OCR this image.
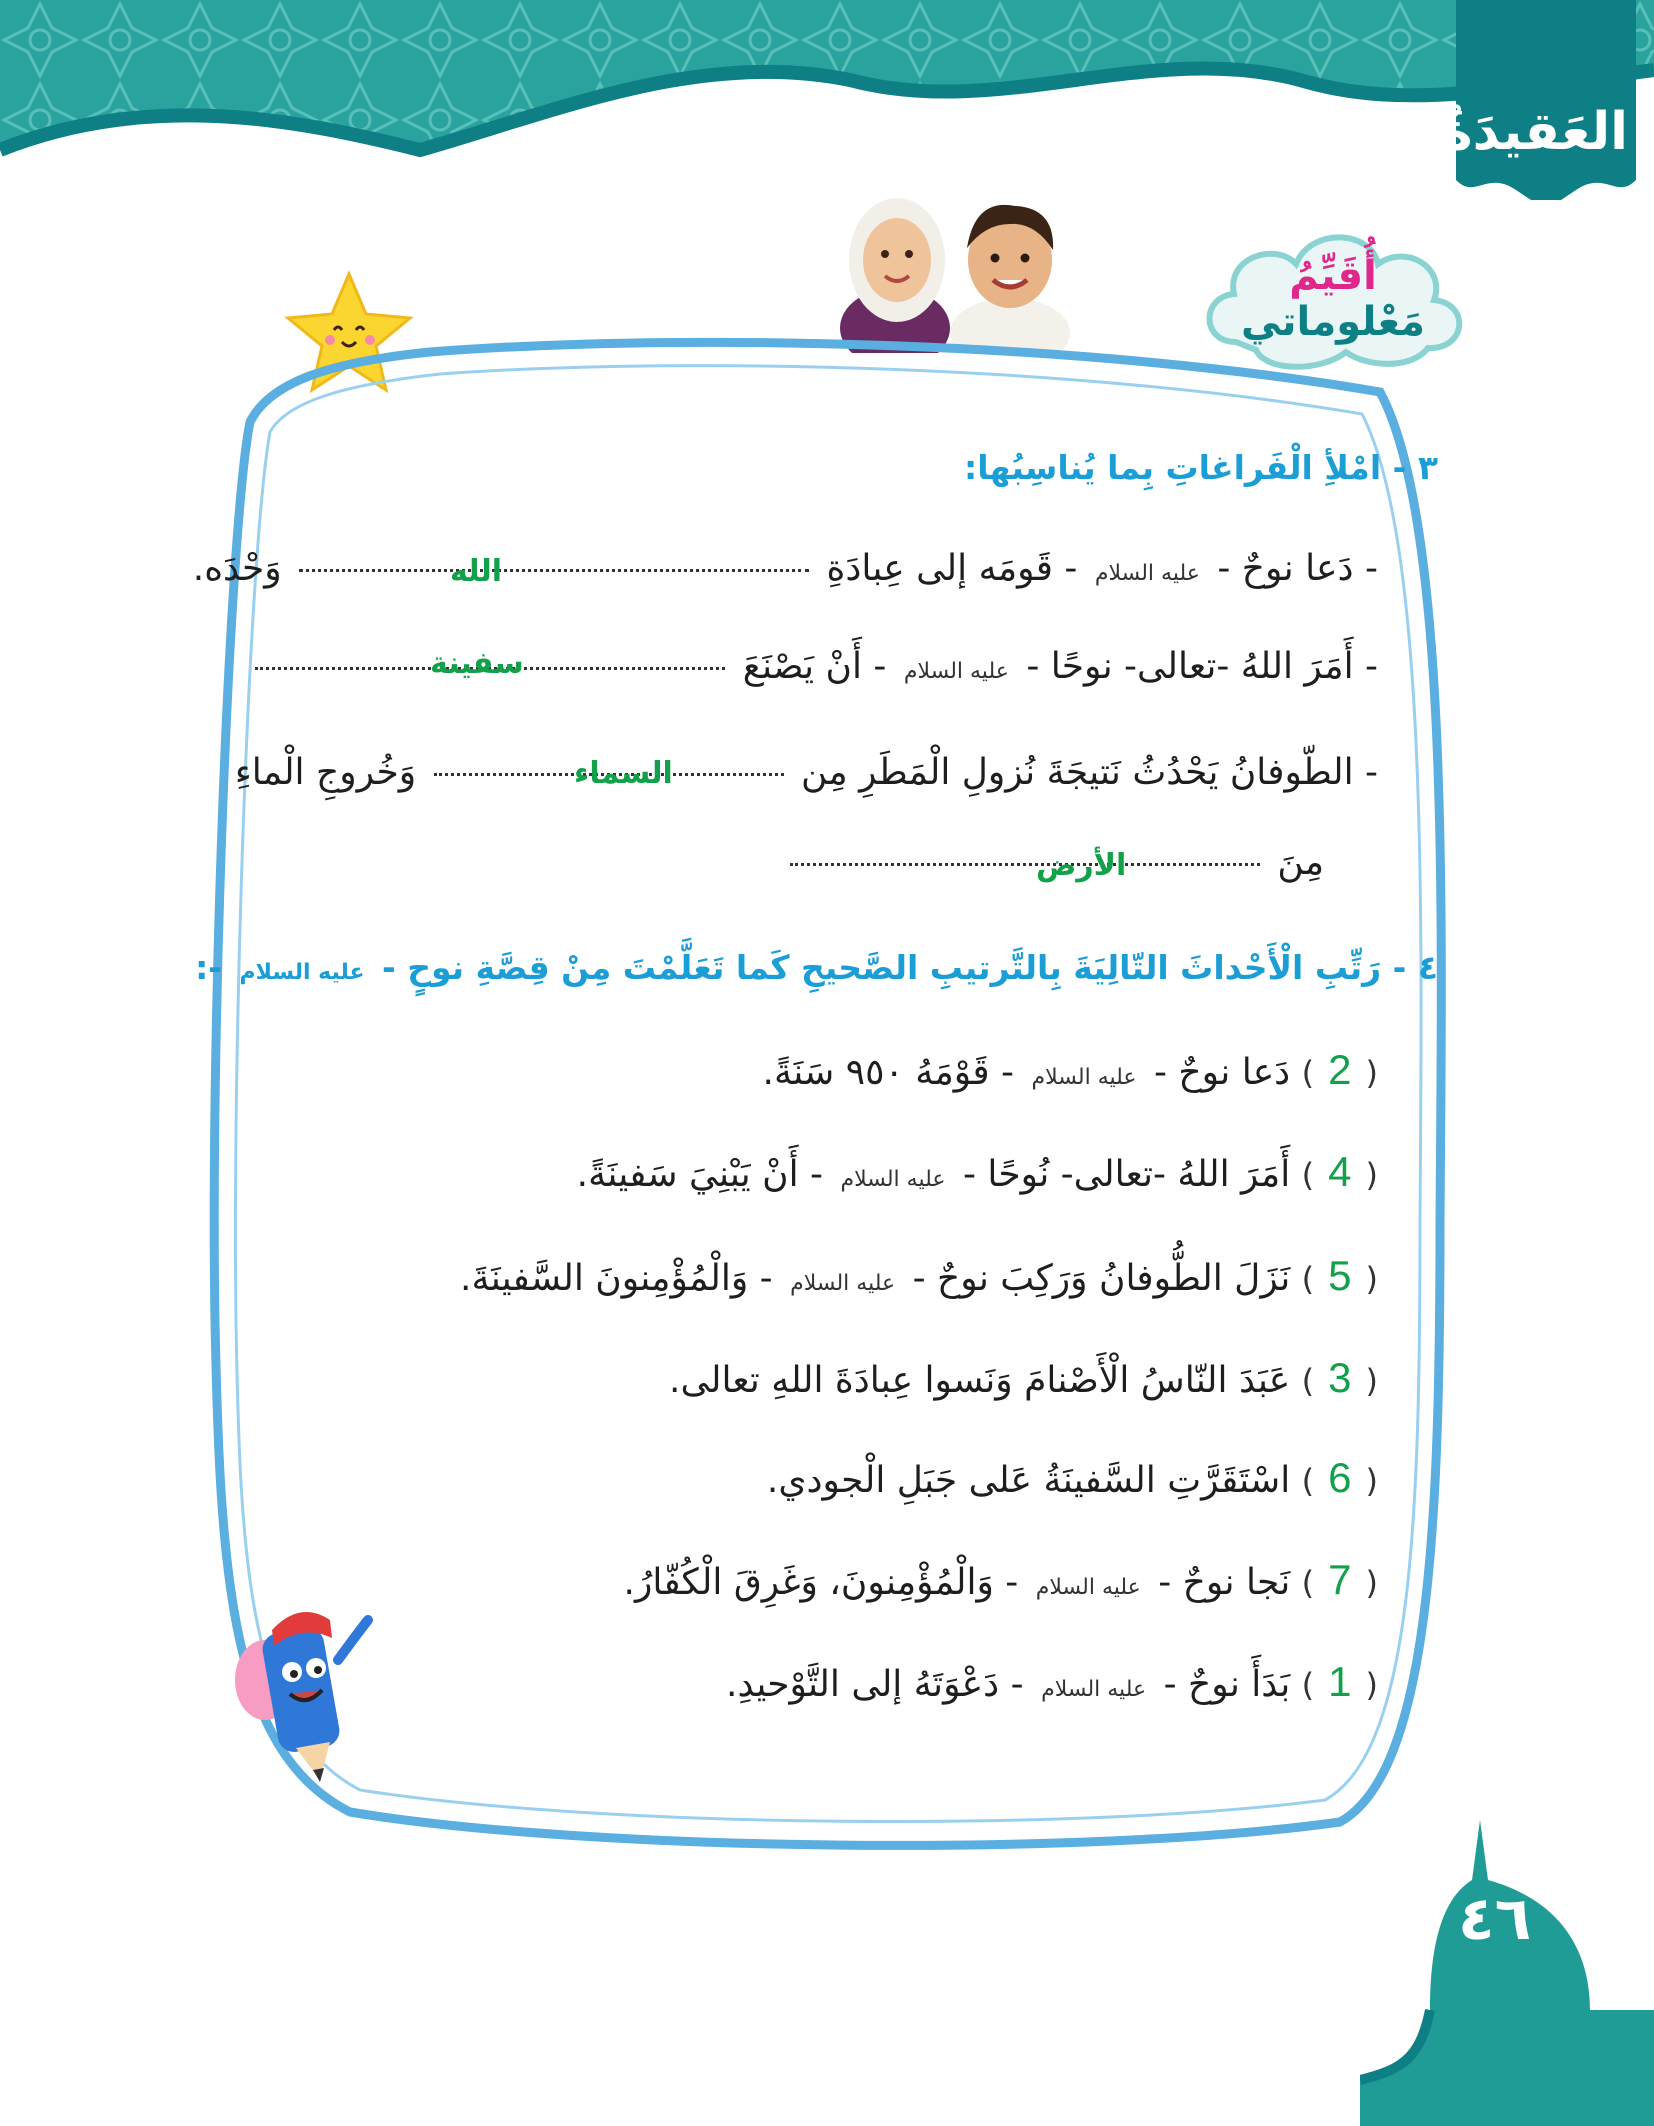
العَقيدَةُ
أُقَيِّمُ
مَعْلوماتي
٣ - امْلأِ الْفَراغاتِ بِما يُناسِبُها:
- دَعا نوحٌ - عليه السلام - قَومَه إلى عِبادَةِ  وَحْدَه.	الله
- أَمَرَ اللهُ -تعالى- نوحًا - عليه السلام - أَنْ يَصْنَعَ
سفينة
- الطّوفانُ يَحْدُثُ نَتيجَةَ نُزولِ الْمَطَرِ مِن  وَخُروجِ الْماءِ	السماء
مِنَ
الأرض
٤ - رَتِّبِ الْأَحْداثَ التّالِيَةَ بِالتَّرتيبِ الصَّحيحِ كَما تَعَلَّمْتَ مِنْ قِصَّةِ نوحٍ - عليه السلام -:
(2) دَعا نوحٌ - عليه السلام - قَوْمَهُ ٩٥٠ سَنَةً.
(4) أَمَرَ اللهُ -تعالى- نُوحًا - عليه السلام - أَنْ يَبْنِيَ سَفينَةً.
(5) نَزَلَ الطُّوفانُ وَرَكِبَ نوحٌ - عليه السلام - وَالْمُؤْمِنونَ السَّفينَةَ.
(3) عَبَدَ النّاسُ الْأَصْنامَ وَنَسوا عِبادَةَ اللهِ تعالى.
(6) اسْتَقَرَّتِ السَّفينَةُ عَلى جَبَلِ الْجودي.
(7) نَجا نوحٌ - عليه السلام - وَالْمُؤْمِنونَ، وَغَرِقَ الْكُفّارُ.
(1) بَدَأَ نوحٌ - عليه السلام - دَعْوَتَهُ إلى التَّوْحيدِ.
٤٦
